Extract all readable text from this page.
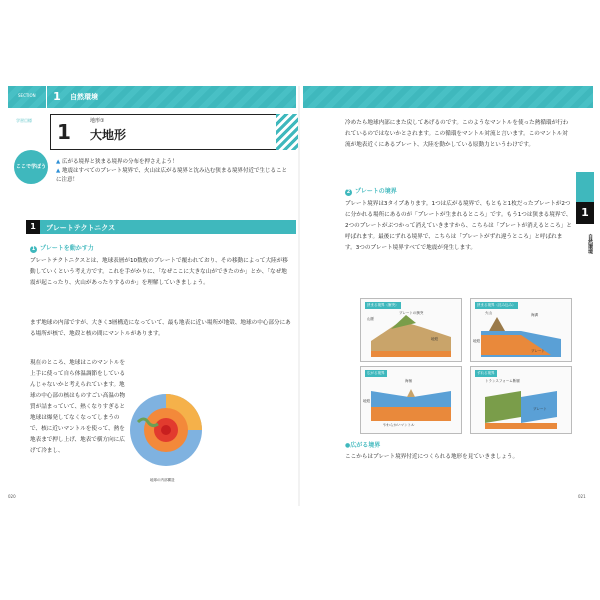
SECTION	1	自然環境
学習目標	1	地形①
大地形
ここで学ぼう
▲ 広がる境界と狭まる境界の分布を押さえよう！
▲ 地震はすべてのプレート境界で、火山は広がる境界と沈み込む狭まる境界付近で生じることに注意！
1	プレートテクトニクス
1 プレートを動かす力
プレートテクトニクスとは、地球表層が10数枚のプレートで覆われており、その移動によって大陸が移動していくという考え方です。これを手がかりに、「なぜここに大きな山ができたのか」とか、「なぜ地震が起こったり、火山があったりするのか」を理解していきましょう。
まず地球の内部ですが、大きく3層構造になっていて、最も地表に近い場所が地殻、地球の中心部分にある場所が核で、地殻と核の間にマントルがあります。
現在のところ、地球はこのマントルを上手に使って自ら体温調節をしているんじゃないかと考えられています。地球の中心部の核はものすごい高温の物質が詰まっていて、熱くなりすぎると地球は爆発してなくなってしまうので、核に近いマントルを使って、熱を地表まで押し上げ、地表で横方向に広げて冷まし、
地球の内部構造
020
冷めたら地球内部にまた戻してあげるのです。このようなマントルを使った熱循環が行われているのではないかとされます。この循環をマントル対流と言います。このマントル対流が地表近くにあるプレート、大陸を動かしている原動力というわけです。
2 プレートの境界
プレート境界は3タイプあります。1つは広がる境界で、もともと1枚だったプレートが2つに分かれる場所にあるのが「プレートが生まれるところ」です。もう1つは狭まる境界で、2つのプレートがぶつかって消えていきますから、こちらは「プレートが消えるところ」と呼ばれます。最後にずれる境界で、こちらは「プレートがずれ違うところ」と呼ばれます。3つのプレート境界すべてで地震が発生します。
狭まる境界（衝突）
山脈
プレートの衝突
地殻
狭まる境界（沈み込み）
火山	海溝
地殻
プレート
広がる境界
海嶺
地殻
やわらかいマントル
ずれる境界
トランスフォーム断層
プレート
●広がる境界
ここからはプレート境界付近につくられる地形を見ていきましょう。
1
自然環境
021
